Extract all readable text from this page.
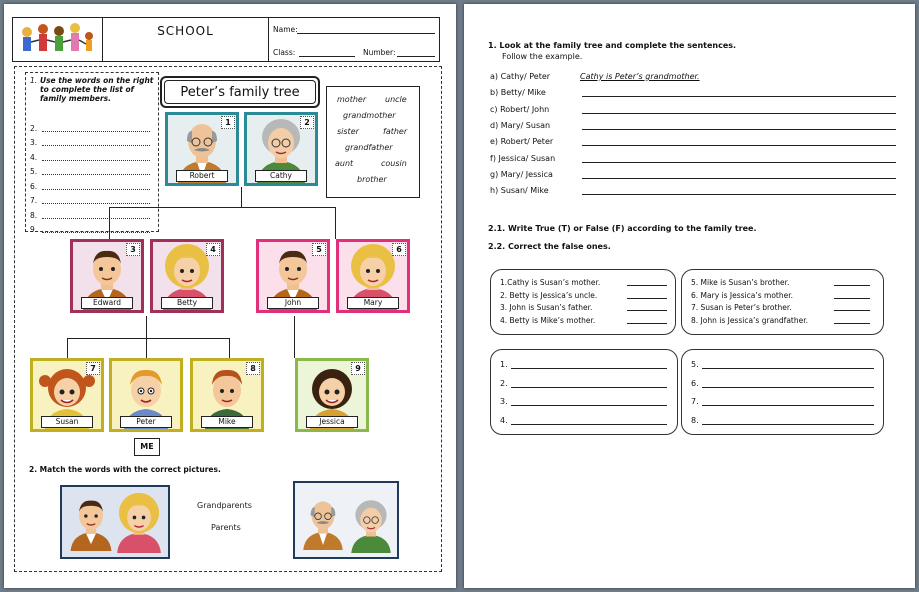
SCHOOL	Name:
Class:	Number:
1. Use the words on the right to complete the list of family members.
2.
3.
4.
5.
6.
7.
8.
9.
Peter’s family tree	mother uncle
grandmother
sister	father
grandfather
aunt	cousin
brother
1
Robert
2
Cathy
3
Edward
4
Betty
5
John
6
Mary
7
Susan	Peter
8
Mike
9
Jessica
ME
2. Match the words with the correct pictures.
Grandparents
Parents
1. Look at the family tree and complete the sentences.
Follow the example.
a) Cathy/ Peter	Cathy is Peter’s grandmother.
b) Betty/ Mike
c) Robert/ John
d) Mary/ Susan
e) Robert/ Peter
f) Jessica/ Susan
g) Mary/ Jessica
h) Susan/ Mike
2.1. Write True (T) or False (F) according to the family tree.
2.2. Correct the false ones.
1.Cathy is Susan’s mother.
2. Betty is Jessica’s uncle.
3. John is Susan’s father.
4. Betty is Mike’s mother.
5. Mike is Susan’s brother.
6. Mary is Jessica’s mother.
7. Susan is Peter’s brother.
8. John is Jessica’s grandfather.
1.
2.
3.
4.
5.
6.
7.
8.
